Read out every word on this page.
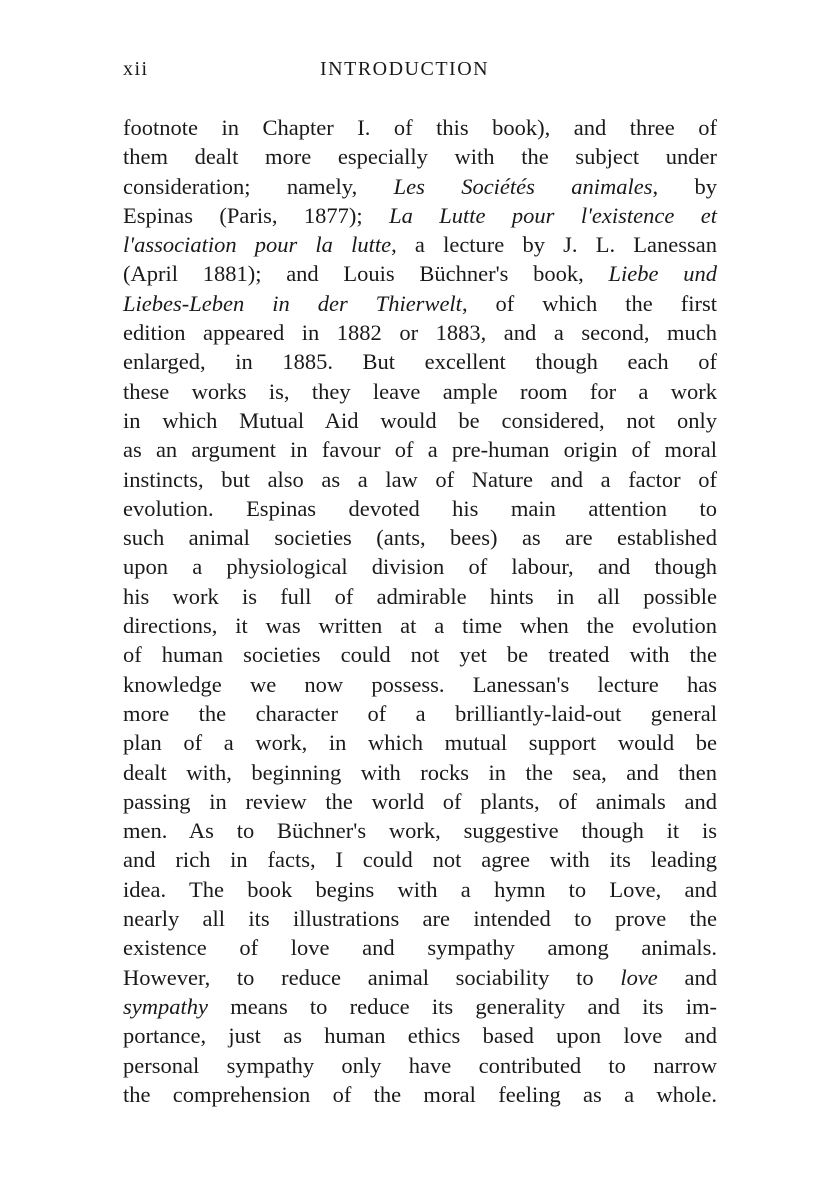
xii	INTRODUCTION
footnote in Chapter I. of this book), and three of
them dealt more especially with the subject under
consideration; namely, Les Sociétés animales, by
Espinas (Paris, 1877); La Lutte pour l'existence et
l'association pour la lutte, a lecture by J. L. Lanessan
(April 1881); and Louis Büchner's book, Liebe und
Liebes-Leben in der Thierwelt, of which the first
edition appeared in 1882 or 1883, and a second, much
enlarged, in 1885. But excellent though each of
these works is, they leave ample room for a work
in which Mutual Aid would be considered, not only
as an argument in favour of a pre-human origin of moral
instincts, but also as a law of Nature and a factor of
evolution. Espinas devoted his main attention to
such animal societies (ants, bees) as are established
upon a physiological division of labour, and though
his work is full of admirable hints in all possible
directions, it was written at a time when the evolution
of human societies could not yet be treated with the
knowledge we now possess. Lanessan's lecture has
more the character of a brilliantly-laid-out general
plan of a work, in which mutual support would be
dealt with, beginning with rocks in the sea, and then
passing in review the world of plants, of animals and
men. As to Büchner's work, suggestive though it is
and rich in facts, I could not agree with its leading
idea. The book begins with a hymn to Love, and
nearly all its illustrations are intended to prove the
existence of love and sympathy among animals.
However, to reduce animal sociability to love and
sympathy means to reduce its generality and its im-
portance, just as human ethics based upon love and
personal sympathy only have contributed to narrow
the comprehension of the moral feeling as a whole.
